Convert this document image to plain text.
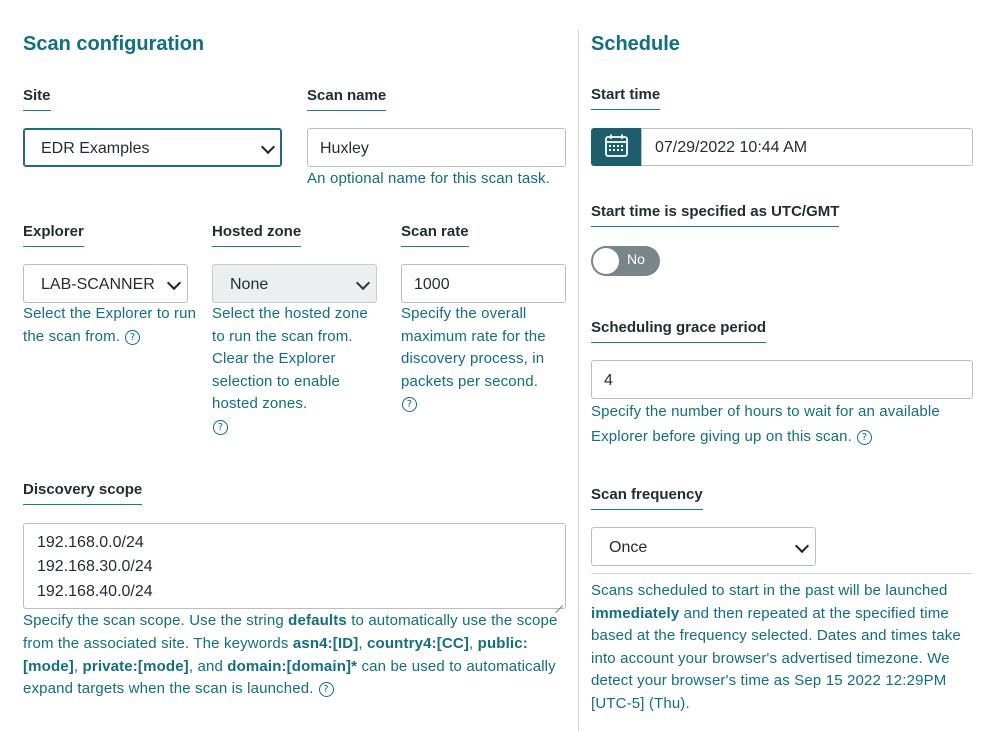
Scan configuration
Site
EDR Examples
Scan name
Huxley
An optional name for this scan task.
Explorer
LAB-SCANNER
Select the Explorer to run the scan from. ?
Hosted zone
None
Select the hosted zone to run the scan from. Clear the Explorer selection to enable hosted zones.
?
Scan rate
1000
Specify the overall maximum rate for the discovery process, in packets per second.
?
Discovery scope
192.168.0.0/24
192.168.30.0/24
192.168.40.0/24
Specify the scan scope. Use the string defaults to automatically use the scope from the associated site. The keywords asn4:[ID], country4:[CC], public:[mode], private:[mode], and domain:[domain]* can be used to automatically expand targets when the scan is launched. ?
Schedule
Start time
07/29/2022 10:44 AM
Start time is specified as UTC/GMT
No
Scheduling grace period
4
Specify the number of hours to wait for an available Explorer before giving up on this scan. ?
Scan frequency
Once
Scans scheduled to start in the past will be launched immediately and then repeated at the specified time based at the frequency selected. Dates and times take into account your browser's advertised timezone. We detect your browser's time as Sep 15 2022 12:29PM [UTC-5] (Thu).
